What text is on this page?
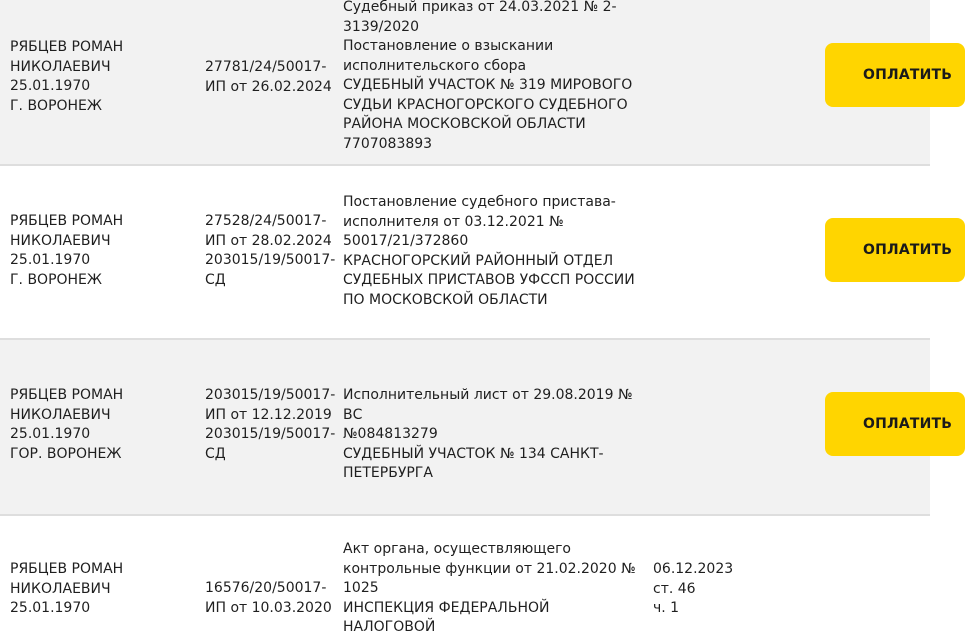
РЯБЦЕВ РОМАН
НИКОЛАЕВИЧ
25.01.1970
Г. ВОРОНЕЖ
27781/24/50017-
ИП от 26.02.2024
Судебный приказ от 24.03.2021 № 2-
3139/2020
Постановление о взыскании
исполнительского сбора
СУДЕБНЫЙ УЧАСТОК № 319 МИРОВОГО
СУДЬИ КРАСНОГОРСКОГО СУДЕБНОГО
РАЙОНА МОСКОВСКОЙ ОБЛАСТИ
7707083893
ОПЛАТИТЬ
РЯБЦЕВ РОМАН
НИКОЛАЕВИЧ
25.01.1970
Г. ВОРОНЕЖ
27528/24/50017-
ИП от 28.02.2024
203015/19/50017-
СД
Постановление судебного пристава-
исполнителя от 03.12.2021 №
50017/21/372860
КРАСНОГОРСКИЙ РАЙОННЫЙ ОТДЕЛ
СУДЕБНЫХ ПРИСТАВОВ УФССП РОССИИ
ПО МОСКОВСКОЙ ОБЛАСТИ
ОПЛАТИТЬ
РЯБЦЕВ РОМАН
НИКОЛАЕВИЧ
25.01.1970
ГОР. ВОРОНЕЖ
203015/19/50017-
ИП от 12.12.2019
203015/19/50017-
СД
Исполнительный лист от 29.08.2019 № ВС
№084813279
СУДЕБНЫЙ УЧАСТОК № 134 САНКТ-
ПЕТЕРБУРГА
ОПЛАТИТЬ
РЯБЦЕВ РОМАН
НИКОЛАЕВИЧ
25.01.1970
16576/20/50017-
ИП от 10.03.2020
Акт органа, осуществляющего
контрольные функции от 21.02.2020 №
1025
ИНСПЕКЦИЯ ФЕДЕРАЛЬНОЙ НАЛОГОВОЙ
06.12.2023
ст. 46
ч. 1
